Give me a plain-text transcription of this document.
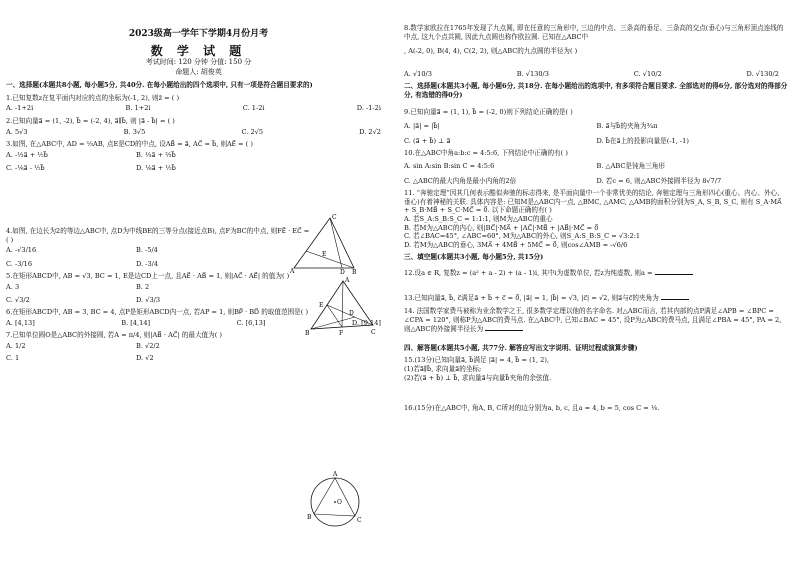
2023级高一学年下学期4月份月考
数 学 试 题
考试时间: 120 分钟 分值: 150 分
命题人: 胡俊英
一、选择题(本题共8小题, 每小题5分, 共40分. 在每小题给出的四个选项中, 只有一项是符合题目要求的)
1.已知复数z在复平面内对应的点的坐标为(-1, 2), 则z̄ = ( )
A. -1+2i	B. 1+2i	C. 1-2i	D. -1-2i
2.已知向量a⃗ = (1, -2), b⃗ = (-2, 4), a⃗∥b⃗, 则 |a⃗ - b⃗| = ( )
A. 5√3	B. 3√5	C. 2√5	D. 2√2
3.如图, 在△ABC中, AD = ⅓AB, 点E是CD的中点, 设AB⃗ = a⃗, AC⃗ = b⃗, 则AE⃗ = ( )
A. -⅓a⃗ + ½b⃗	B. ⅓a⃗ + ⅔b⃗
C. -⅙a⃗ - ½b⃗	D. ⅙a⃗ + ½b⃗
4.如图, 在边长为2的等边△ABC中, 点D为中线BE的三等分点(接近点B), 点F为BC的中点, 则FE⃗ · EC⃗ =
( )
A. -√3/16	B. -5/4
C. -3/16	D. -3/4
5.在矩形ABCD中, AB = √3, BC = 1, E是边CD上一点, 且AE⃗ · AB⃗ = 1, 则|AC⃗ · AE⃗| 的值为( )
A. 3	B. 2
C. √3/2	D. √3/3
6.在矩形ABCD中, AB = 3, BC = 4, 点P是矩形ABCD内一点, 若AP = 1, 则BP⃗ · BD⃗ 的取值范围是( )
A. [4,13]	B. [4,14]	C. [6,13]	D. [9,14]
7.已知单位圆O是△ABC的外接圆, 若A = π/4, 则|AB⃗ · AC⃗| 的最大值为( )
A. 1/2	B. √2/2
C. 1	D. √2
C
A	B
D
E
A
B	C
E
D
F
A
B	C
O
8.数学家欧拉在1765年发现了九点圆, 即在任意的三角形中, 三边的中点、三条高的垂足、三条高的交点(垂心)与三角形顶点连线的中点, 这九个点共圆, 因此九点圆也称作欧拉圆. 已知在△ABC中
, A(-2, 0), B(4, 4), C(2, 2), 则△ABC的九点圆的半径为( )
A. √10/3	B. √130/3	C. √10/2	D. √130/2
二、选择题(本题共3小题, 每小题6分, 共18分. 在每小题给出的选项中, 有多项符合题目要求. 全部选对的得6分, 部分选对的得部分分, 有选错的得0分)
9.已知向量a⃗ = (1, 1), b⃗ = (-2, 0)则下列结论正确的是( )
A. |a⃗| = |b⃗|	B. a⃗与b⃗的夹角为¾π
C. (a⃗ + b⃗) ⊥ a⃗	D. b⃗在a⃗上的投影向量是(-1, -1)
10.在△ABC中角a:b:c = 4:5:6, 下列结论中正确的有( )
A. sin A:sin B:sin C = 4:5:6	B. △ABC是钝角三角形
C. △ABC的最大内角是最小内角的2倍	D. 若c = 6, 则△ABC外接圆半径为 8√7/7
11. “奔驰定理”因其几何表示酷似奔驰的标志得来, 是平面向量中一个非常优美的结论, 奔驰定理与三角形四心(重心、内心、外心、垂心)有着神秘的关联. 具体内容是: 已知M是△ABC内一点, △BMC, △AMC, △AMB的面积分别为S_A, S_B, S_C, 则有 S_A·MA⃗ + S_B·MB⃗ + S_C·MC⃗ = 0⃗. 以下命题正确的有( )
A. 若S_A:S_B:S_C = 1:1:1, 则M为△ABC的重心
B. 若M为△ABC的内心, 则|BC⃗|·MA⃗ + |AC⃗|·MB⃗ + |AB⃗|·MC⃗ = 0⃗
C. 若∠BAC=45°, ∠ABC=60°, M为△ABC的外心, 则S_A:S_B:S_C = √3:2:1
D. 若M为△ABC的垂心, 3MA⃗ + 4MB⃗ + 5MC⃗ = 0⃗, 则cos∠AMB = -√6/6
三、填空题(本题共3小题, 每小题5分, 共15分)
12.设a ∈ R, 复数z = (a² + a - 2) + (a - 1)i, 其中i为虚数单位, 若z为纯虚数, 则a =
13.已知向量a⃗, b⃗, c⃗满足a⃗ + b⃗ + c⃗ = 0⃗, |a⃗| = 1, |b⃗| = √3, |c⃗| = √2, 则a⃗与c⃗的夹角为
14. 法国数学家费马被称为业余数学之王, 很多数学定理以他的名字命名. 对△ABC而言, 若其内部的点P满足∠APB = ∠BPC = ∠CPA = 120°, 则称P为△ABC的费马点. 在△ABC中, 已知∠BAC = 45°, 设P为△ABC的费马点, 且满足∠PBA = 45°, PA = 2, 则△ABC的外接圆半径长为
四、解答题(本题共5小题, 共77分. 解答应写出文字说明、证明过程或演算步骤)
15.(13分)已知向量a⃗, b⃗满足 |a⃗| = 4, b⃗ = (1, 2),
(1)若a⃗∥b⃗, 求向量a⃗的坐标;
(2)若(a⃗ + b⃗) ⊥ b⃗, 求向量a⃗与向量b⃗夹角的余弦值.
16.(15分)在△ABC中, 角A, B, C所对的边分别为a, b, c, 且a = 4, b = 5, cos C = ⅛.
